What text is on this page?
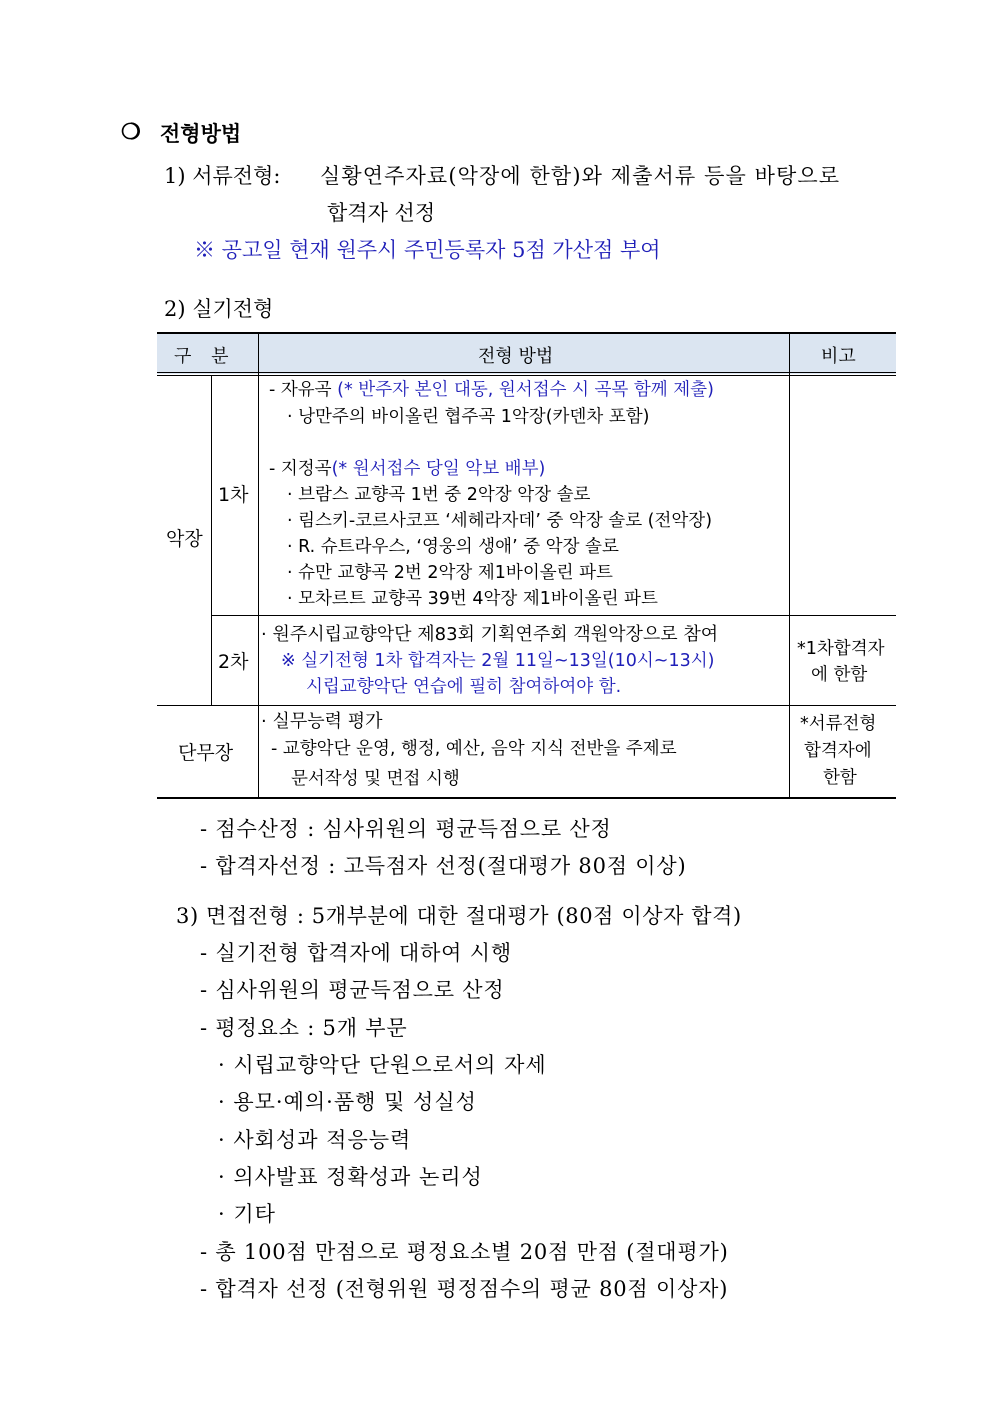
❍ 전형방법
1) 서류전형: 실황연주자료(악장에 한함)와 제출서류 등을 바탕으로
합격자 선정
※ 공고일 현재 원주시 주민등록자 5점 가산점 부여
2) 실기전형
구 분	전형 방법	비고
악장
1차
- 자유곡 (* 반주자 본인 대동, 원서접수 시 곡목 함께 제출)
· 낭만주의 바이올린 협주곡 1악장(카덴차 포함)
- 지정곡(* 원서접수 당일 악보 배부)
· 브람스 교향곡 1번 중 2악장 악장 솔로
· 림스키-코르사코프 ‘세헤라자데’ 중 악장 솔로 (전악장)
· R. 슈트라우스, ‘영웅의 생애’ 중 악장 솔로
· 슈만 교향곡 2번 2악장 제1바이올린 파트
· 모차르트 교향곡 39번 4악장 제1바이올린 파트
2차
· 원주시립교향악단 제83회 기획연주회 객원악장으로 참여
※ 실기전형 1차 합격자는 2월 11일~13일(10시~13시)
시립교향악단 연습에 필히 참여하여야 함.
*1차합격자
에 한함
단무장
· 실무능력 평가
- 교향악단 운영, 행정, 예산, 음악 지식 전반을 주제로
문서작성 및 면접 시행
*서류전형
합격자에
한함
- 점수산정 : 심사위원의 평균득점으로 산정
- 합격자선정 : 고득점자 선정(절대평가 80점 이상)
3) 면접전형 : 5개부분에 대한 절대평가 (80점 이상자 합격)
- 실기전형 합격자에 대하여 시행
- 심사위원의 평균득점으로 산정
- 평정요소 : 5개 부문
· 시립교향악단 단원으로서의 자세
· 용모·예의·품행 및 성실성
· 사회성과 적응능력
· 의사발표 정확성과 논리성
· 기타
- 총 100점 만점으로 평정요소별 20점 만점 (절대평가)
- 합격자 선정 (전형위원 평정점수의 평균 80점 이상자)
